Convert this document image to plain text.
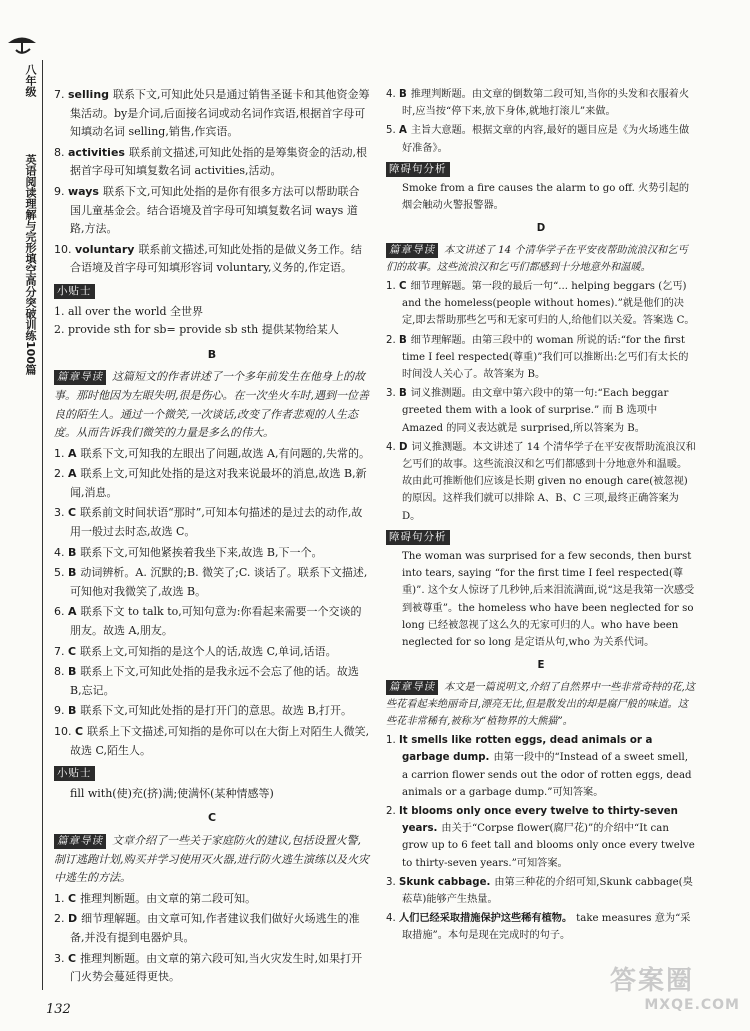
八年级
英语阅读理解与完形填空高分突破训练100篇
7. selling 联系下文,可知此处只是通过销售圣诞卡和其他资金筹集活动。by是介词,后面接名词或动名词作宾语,根据首字母可知填动名词 selling,销售,作宾语。
8. activities 联系前文描述,可知此处指的是筹集资金的活动,根据首字母可知填复数名词 activities,活动。
9. ways 联系下文,可知此处指的是你有很多方法可以帮助联合国儿童基金会。结合语境及首字母可知填复数名词 ways 道路,方法。
10. voluntary 联系前文描述,可知此处指的是做义务工作。结合语境及首字母可知填形容词 voluntary,义务的,作定语。
小贴士
1. all over the world 全世界
2. provide sth for sb= provide sb sth 提供某物给某人
B
篇章导读 这篇短文的作者讲述了一个多年前发生在他身上的故事。那时他因为左眼失明,很是伤心。在一次坐火车时,遇到一位善良的陌生人。通过一个微笑,一次谈话,改变了作者悲观的人生态度。从而告诉我们微笑的力量是多么的伟大。
1. A 联系下文,可知我的左眼出了问题,故选 A,有问题的,失常的。
2. A 联系上文,可知此处指的是这对我来说最坏的消息,故选 B,新闻,消息。
3. C 联系前文时间状语“那时”,可知本句描述的是过去的动作,故用一般过去时态,故选 C。
4. B 联系下文,可知他紧挨着我坐下来,故选 B,下一个。
5. B 动词辨析。A. 沉默的;B. 微笑了;C. 谈话了。联系下文描述,可知他对我微笑了,故选 B。
6. A 联系下文 to talk to,可知句意为:你看起来需要一个交谈的朋友。故选 A,朋友。
7. C 联系上文,可知指的是这个人的话,故选 C,单词,话语。
8. B 联系上下文,可知此处指的是我永远不会忘了他的话。故选 B,忘记。
9. B 联系下文,可知此处指的是打开门的意思。故选 B,打开。
10. C 联系上下文描述,可知指的是你可以在大街上对陌生人微笑,故选 C,陌生人。
小贴士
fill with(使)充(挤)满;使满怀(某种情感等)
C
篇章导读 文章介绍了一些关于家庭防火的建议,包括设置火警,制订逃跑计划,购买并学习使用灭火器,进行防火逃生演练以及火灾中逃生的方法。
1. C 推理判断题。由文章的第二段可知。
2. D 细节理解题。由文章可知,作者建议我们做好火场逃生的准备,并没有提到电器炉具。
3. C 推理判断题。由文章的第六段可知,当火灾发生时,如果打开门火势会蔓延得更快。
4. B 推理判断题。由文章的倒数第二段可知,当你的头发和衣服着火时,应当按“停下来,放下身体,就地打滚儿”来做。
5. A 主旨大意题。根据文章的内容,最好的题目应是《为火场逃生做好准备》。
障碍句分析
Smoke from a fire causes the alarm to go off. 火势引起的烟会触动火警报警器。
D
篇章导读 本文讲述了 14 个清华学子在平安夜帮助流浪汉和乞丐们的故事。这些流浪汉和乞丐们都感到十分地意外和温暖。
1. C 细节理解题。第一段的最后一句“... helping beggars (乞丐) and the homeless(people without homes).”就是他们的决定,即去帮助那些乞丐和无家可归的人,给他们以关爱。答案选 C。
2. B 细节理解题。由第三段中的 woman 所说的话:“for the first time I feel respected(尊重)”我们可以推断出:乞丐们有太长的时间没人关心了。故答案为 B。
3. B 词义推测题。由文章中第六段中的第一句:“Each beggar greeted them with a look of surprise.” 而 B 选项中 Amazed 的同义表达就是 surprised,所以答案为 B。
4. D 词义推测题。本文讲述了 14 个清华学子在平安夜帮助流浪汉和乞丐们的故事。这些流浪汉和乞丐们都感到十分地意外和温暖。故由此可推断他们应该是长期 given no enough care(被忽视)的原因。这样我们就可以排除 A、B、C 三项,最终正确答案为 D。
障碍句分析
The woman was surprised for a few seconds, then burst into tears, saying “for the first time I feel respected(尊重)”. 这个女人惊讶了几秒钟,后来泪流满面,说“这是我第一次感受到被尊重”。the homeless who have been neglected for so long 已经被忽视了这么久的无家可归的人。who have been neglected for so long 是定语从句,who 为关系代词。
E
篇章导读 本文是一篇说明文,介绍了自然界中一些非常奇特的花,这些花看起来绝丽奇目,漂亮无比,但是散发出的却是腐尸般的味道。这些花非常稀有,被称为“植物界的大熊猫”。
1. It smells like rotten eggs, dead animals or a garbage dump. 由第一段中的“Instead of a sweet smell, a carrion flower sends out the odor of rotten eggs, dead animals or a garbage dump.”可知答案。
2. It blooms only once every twelve to thirty-seven years. 由关于“Corpse flower(腐尸花)”的介绍中“It can grow up to 6 feet tall and blooms only once every twelve to thirty-seven years.”可知答案。
3. Skunk cabbage. 由第三种花的介绍可知,Skunk cabbage(臭菘草)能够产生热量。
4. 人们已经采取措施保护这些稀有植物。 take measures 意为“采取措施”。本句是现在完成时的句子。
132
答案圈
MXQE.COM
